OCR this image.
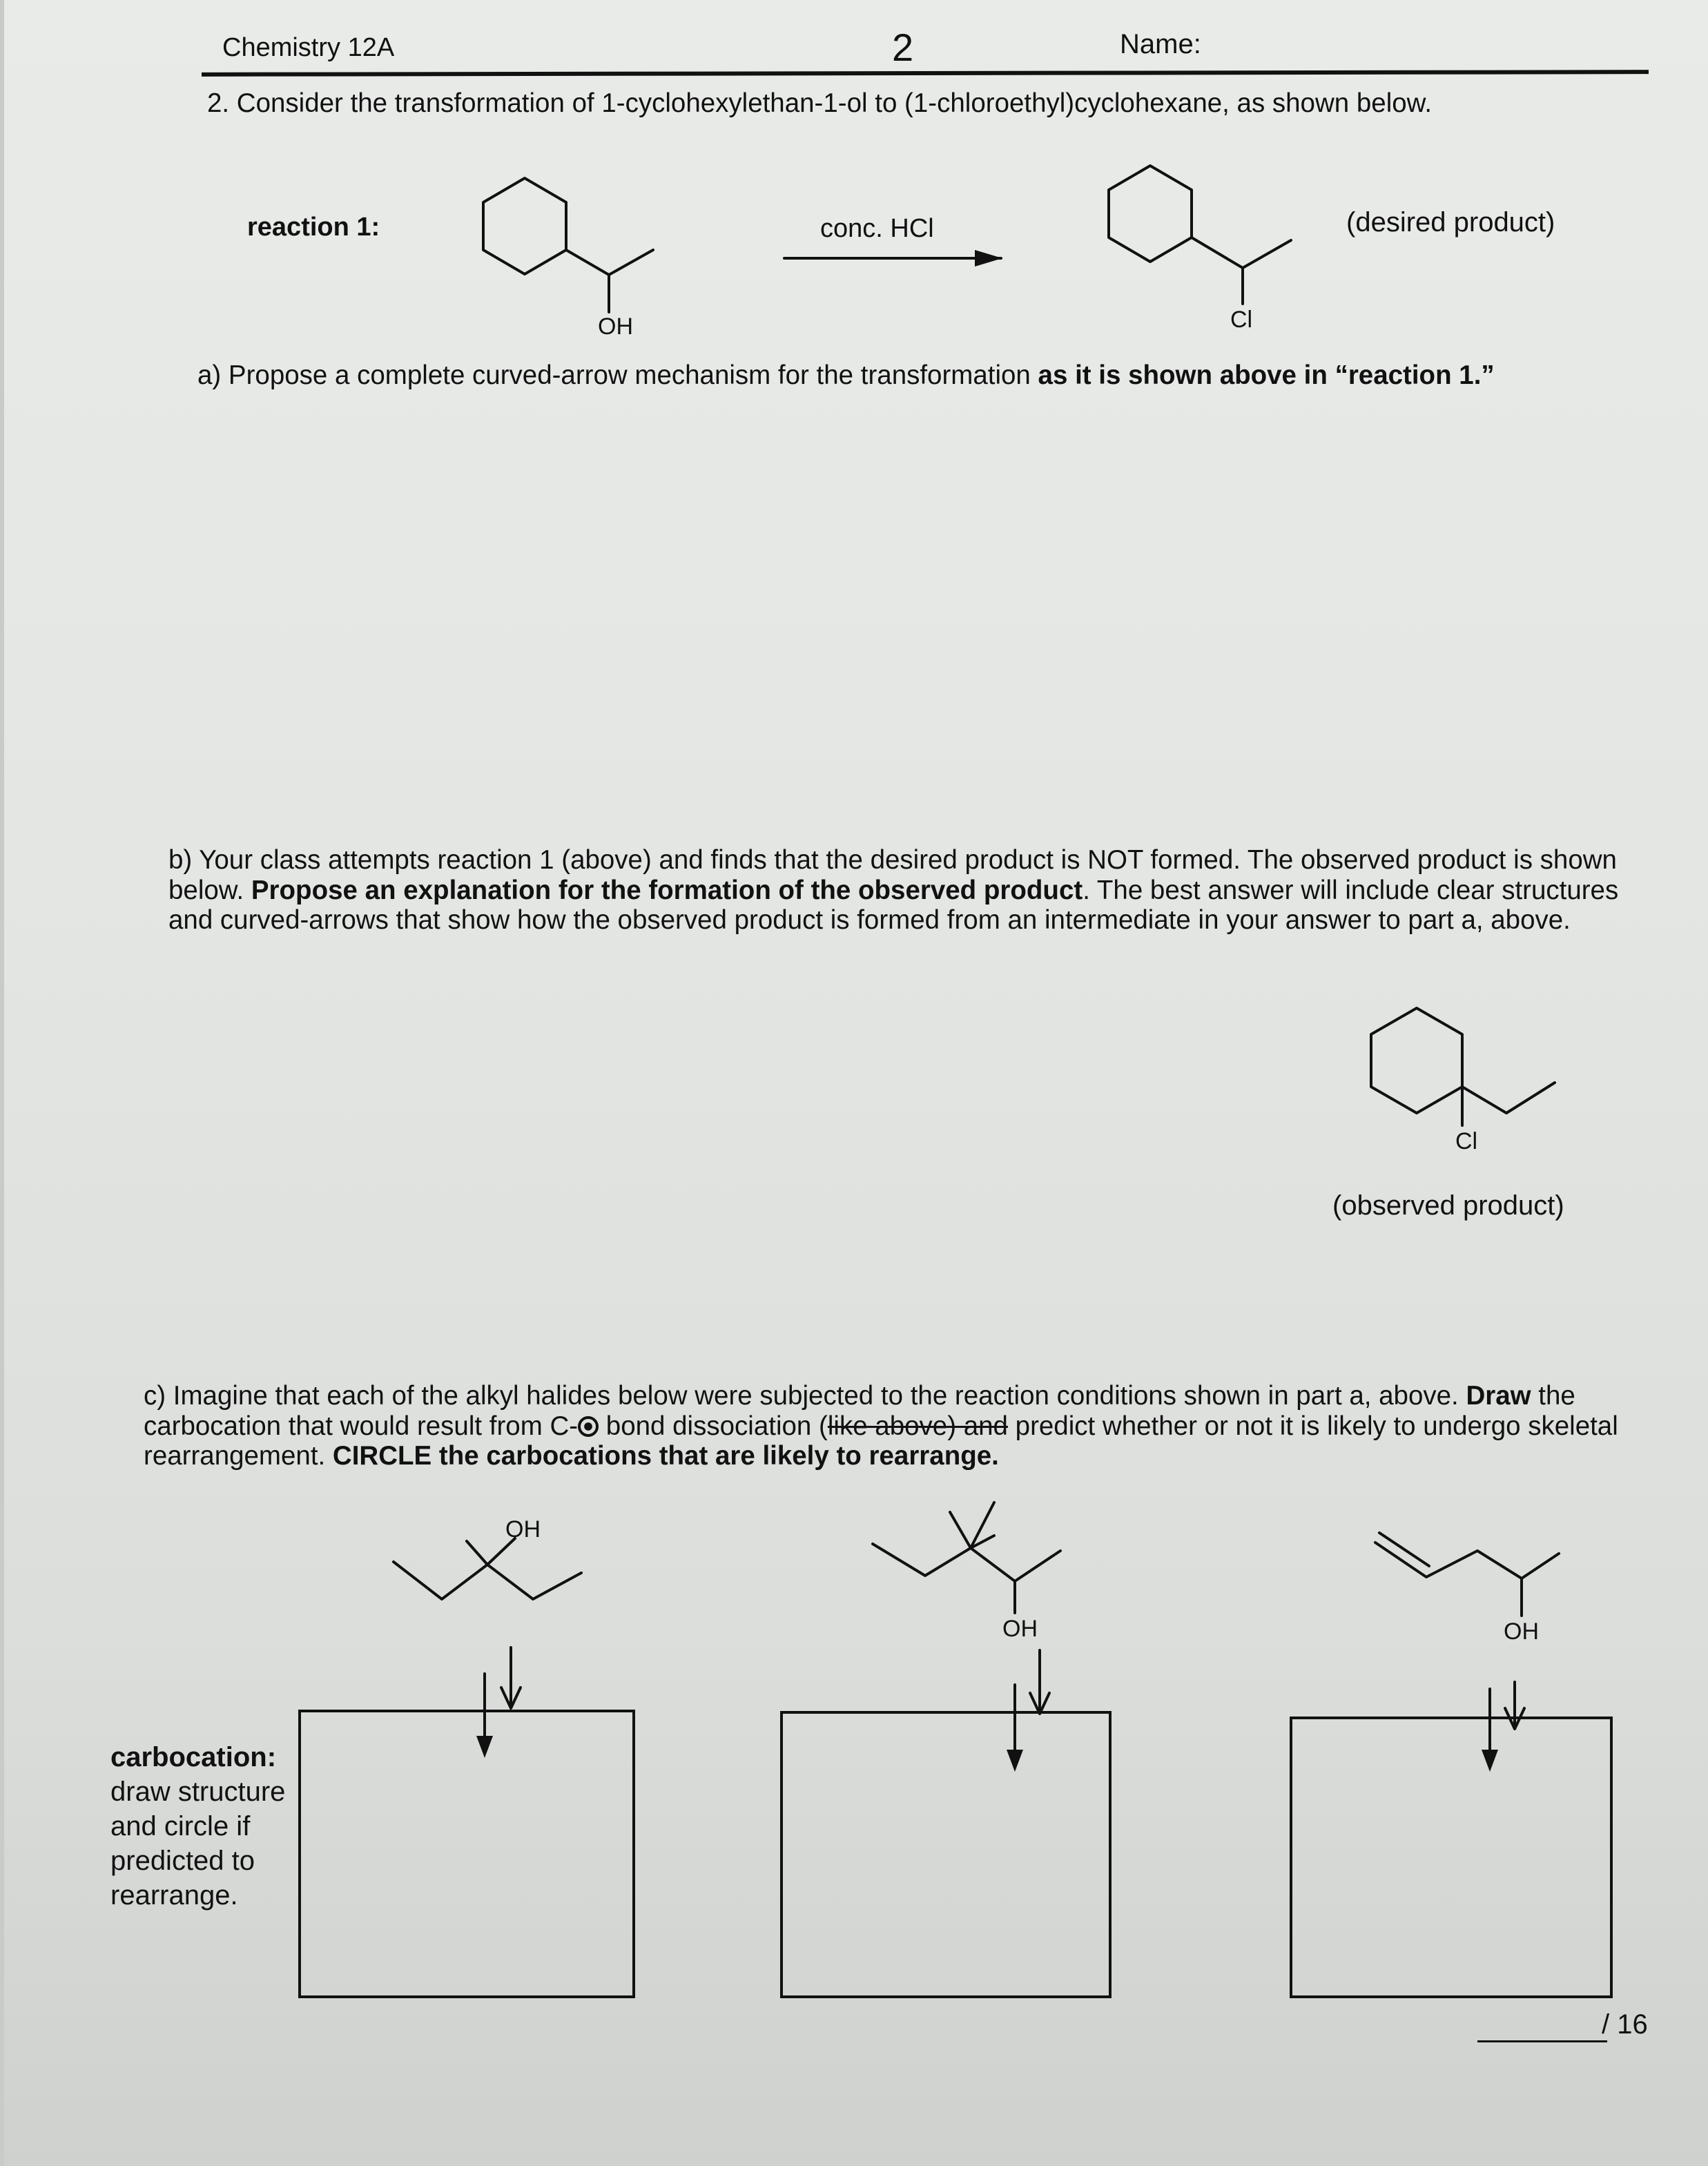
Chemistry 12A	2	Name:
2. Consider the transformation of 1-cyclohexylethan-1-ol to (1-chloroethyl)cyclohexane, as shown below.
reaction 1:	conc. HCl	(desired product)
OH	Cl
a) Propose a complete curved-arrow mechanism for the transformation as it is shown above in “reaction 1.”
b) Your class attempts reaction 1 (above) and finds that the desired product is NOT formed. The observed product is shown below. Propose an explanation for the formation of the observed product. The best answer will include clear structures and curved-arrows that show how the observed product is formed from an intermediate in your answer to part a, above.
Cl
(observed product)
c) Imagine that each of the alkyl halides below were subjected to the reaction conditions shown in part a, above. Draw the carbocation that would result from C- bond dissociation (like above) and predict whether or not it is likely to undergo skeletal rearrangement. CIRCLE the carbocations that are likely to rearrange.
OH
OH	OH
carbocation:
draw structure
and circle if
predicted to
rearrange.
/ 16
